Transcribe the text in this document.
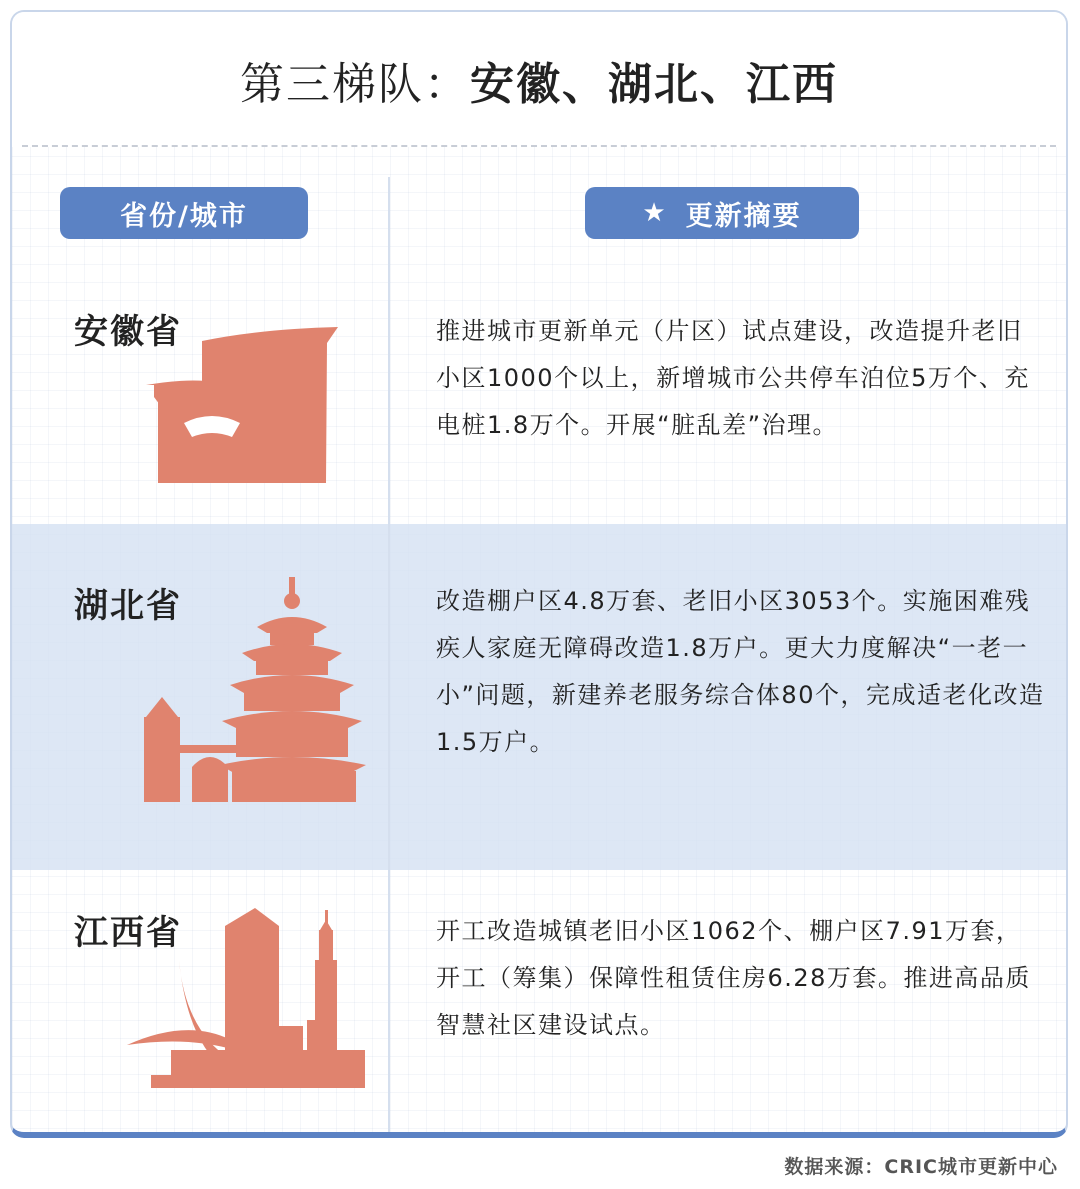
第三梯队：安徽、湖北、江西
省份/城市	★ 更新摘要
安徽省	推进城市更新单元（片区）试点建设，改造提升老旧小区1000个以上，新增城市公共停车泊位5万个、充电桩1.8万个。开展“脏乱差”治理。
湖北省	改造棚户区4.8万套、老旧小区3053个。实施困难残疾人家庭无障碍改造1.8万户。更大力度解决“一老一小”问题，新建养老服务综合体80个，完成适老化改造1.5万户。
江西省	开工改造城镇老旧小区1062个、棚户区7.91万套，开工（筹集）保障性租赁住房6.28万套。推进高品质智慧社区建设试点。
数据来源：CRIC城市更新中心
